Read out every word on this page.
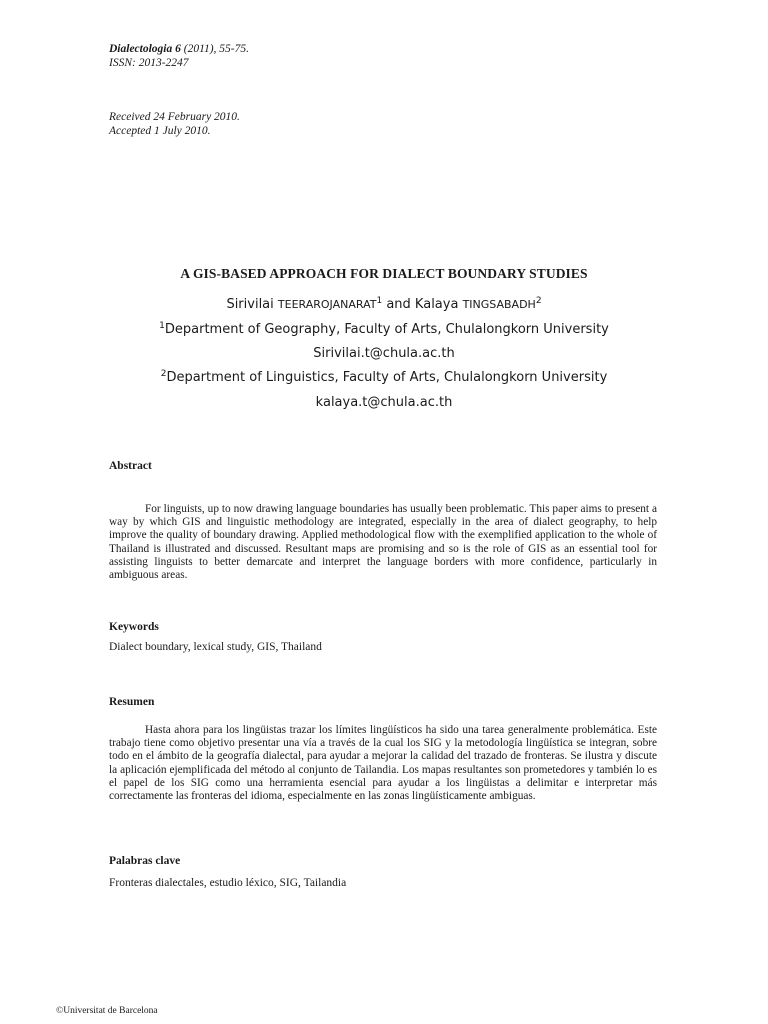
Dialectologia 6 (2011), 55-75.
ISSN: 2013-2247
Received 24 February 2010.
Accepted 1 July 2010.
A GIS-BASED APPROACH FOR DIALECT BOUNDARY STUDIES
Sirivilai TEERAROJANARAT$^1$ and Kalaya TINGSABADH$^2$
$^1$Department of Geography, Faculty of Arts, Chulalongkorn University
Sirivilai.t@chula.ac.th
$^2$Department of Linguistics, Faculty of Arts, Chulalongkorn University
kalaya.t@chula.ac.th
Abstract
For linguists, up to now drawing language boundaries has usually been problematic. This paper aims to present a way by which GIS and linguistic methodology are integrated, especially in the area of dialect geography, to help improve the quality of boundary drawing. Applied methodological flow with the exemplified application to the whole of Thailand is illustrated and discussed. Resultant maps are promising and so is the role of GIS as an essential tool for assisting linguists to better demarcate and interpret the language borders with more confidence, particularly in ambiguous areas.
Keywords
Dialect boundary, lexical study, GIS, Thailand
Resumen
Hasta ahora para los lingüistas trazar los límites lingüísticos ha sido una tarea generalmente problemática. Este trabajo tiene como objetivo presentar una vía a través de la cual los SIG y la metodología lingüística se integran, sobre todo en el ámbito de la geografía dialectal, para ayudar a mejorar la calidad del trazado de fronteras. Se ilustra y discute la aplicación ejemplificada del método al conjunto de Tailandia. Los mapas resultantes son prometedores y también lo es el papel de los SIG como una herramienta esencial para ayudar a los lingüistas a delimitar e interpretar más correctamente las fronteras del idioma, especialmente en las zonas lingüísticamente ambiguas.
Palabras clave
Fronteras dialectales, estudio léxico, SIG, Tailandia
©Universitat de Barcelona
